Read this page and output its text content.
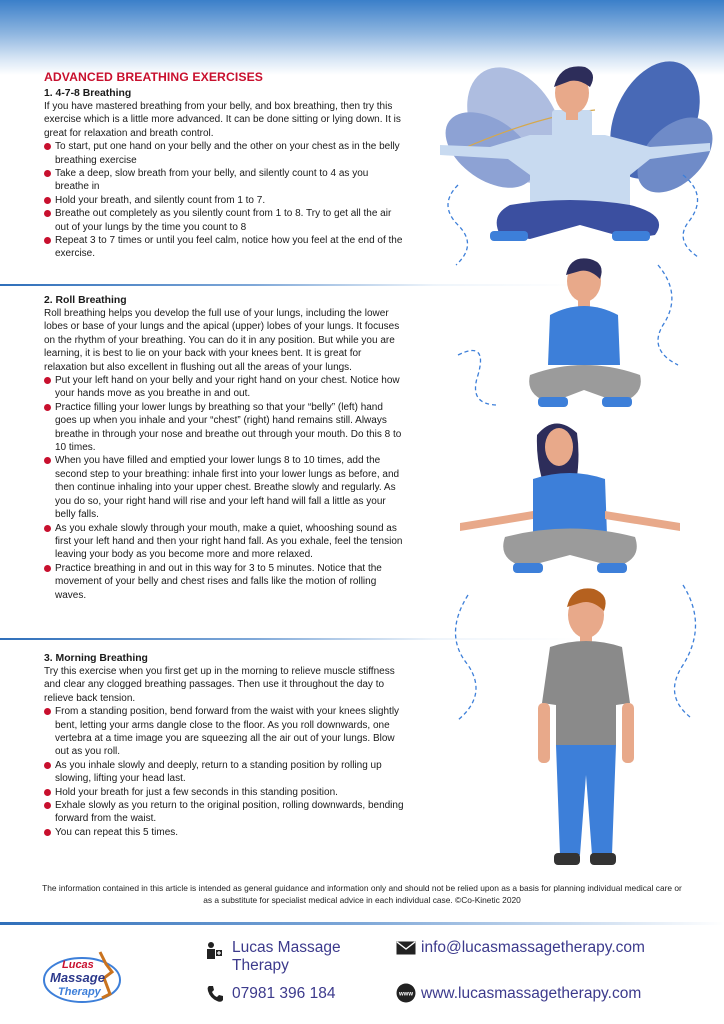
ADVANCED BREATHING EXERCISES

1. 4-7-8 Breathing

If you have mastered breathing from your belly, and box breathing, then try this exercise which is a little more advanced. It can be done sitting or lying down. It is great for relaxation and breath control.

To start, put one hand on your belly and the other on your chest as in the belly breathing exercise
Take a deep, slow breath from your belly, and silently count to 4 as you breathe in
Hold your breath, and silently count from 1 to 7.
Breathe out completely as you silently count from 1 to 8. Try to get all the air out of your lungs by the time you count to 8
Repeat 3 to 7 times or until you feel calm, notice how you feel at the end of the exercise.

2. Roll Breathing

Roll breathing helps you develop the full use of your lungs, including the lower lobes or base of your lungs and the apical (upper) lobes of your lungs. It focuses on the rhythm of your breathing. You can do it in any position. But while you are learning, it is best to lie on your back with your knees bent. It is great for relaxation but also excellent in flushing out all the areas of your lungs.

Put your left hand on your belly and your right hand on your chest. Notice how your hands move as you breathe in and out.
Practice filling your lower lungs by breathing so that your “belly” (left) hand goes up when you inhale and your “chest” (right) hand remains still. Always breathe in through your nose and breathe out through your mouth. Do this 8 to 10 times.
When you have filled and emptied your lower lungs 8 to 10 times, add the second step to your breathing: inhale first into your lower lungs as before, and then continue inhaling into your upper chest. Breathe slowly and regularly. As you do so, your right hand will rise and your left hand will fall a little as your belly falls.
As you exhale slowly through your mouth, make a quiet, whooshing sound as first your left hand and then your right hand fall. As you exhale, feel the tension leaving your body as you become more and more relaxed.
Practice breathing in and out in this way for 3 to 5 minutes. Notice that the movement of your belly and chest rises and falls like the motion of rolling waves.

3. Morning Breathing

Try this exercise when you first get up in the morning to relieve muscle stiffness and clear any clogged breathing passages. Then use it throughout the day to relieve back tension.

From a standing position, bend forward from the waist with your knees slightly bent, letting your arms dangle close to the floor. As you roll downwards, one vertebra at a time image you are squeezing all the air out of your lungs. Blow out as you roll.
As you inhale slowly and deeply, return to a standing position by rolling up slowing, lifting your head last.
Hold your breath for just a few seconds in this standing position.
Exhale slowly as you return to the original position, rolling downwards, bending forward from the waist.
You can repeat this 5 times.
The information contained in this article is intended as general guidance and information only and should not be relied upon as a basis for planning individual medical care or as a substitute for specialist medical advice in each individual case. ©Co-Kinetic 2020
Lucas
Massage
Therapy
Lucas Massage
Therapy
07981 396 184
info@lucasmassagetherapy.com
www www.lucasmassagetherapy.com
